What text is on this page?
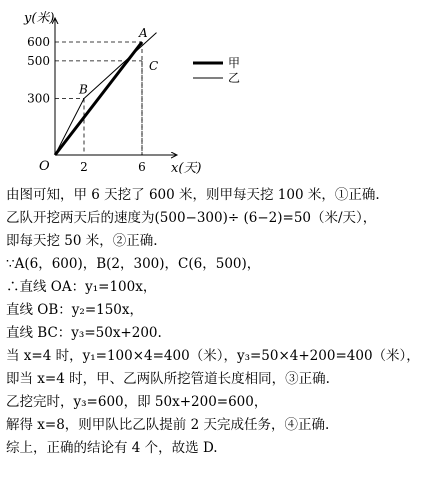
y(米)
x(天)
O	2	6
300
500
600
A
B
C	甲
乙
由图可知，甲 6 天挖了 600 米，则甲每天挖 100 米，①正确.
乙队开挖两天后的速度为(500−300)÷ (6−2)=50（米/天），
即每天挖 50 米，②正确.
∵A(6，600)，B(2，300)，C(6，500)，
∴直线 OA：y₁=100x，
直线 OB：y₂=150x，
直线 BC：y₃=50x+200.
当 x=4 时，y₁=100×4=400（米），y₃=50×4+200=400（米），
即当 x=4 时，甲、乙两队所挖管道长度相同，③正确.
乙挖完时，y₃=600，即 50x+200=600，
解得 x=8，则甲队比乙队提前 2 天完成任务，④正确.
综上，正确的结论有 4 个，故选 D.
